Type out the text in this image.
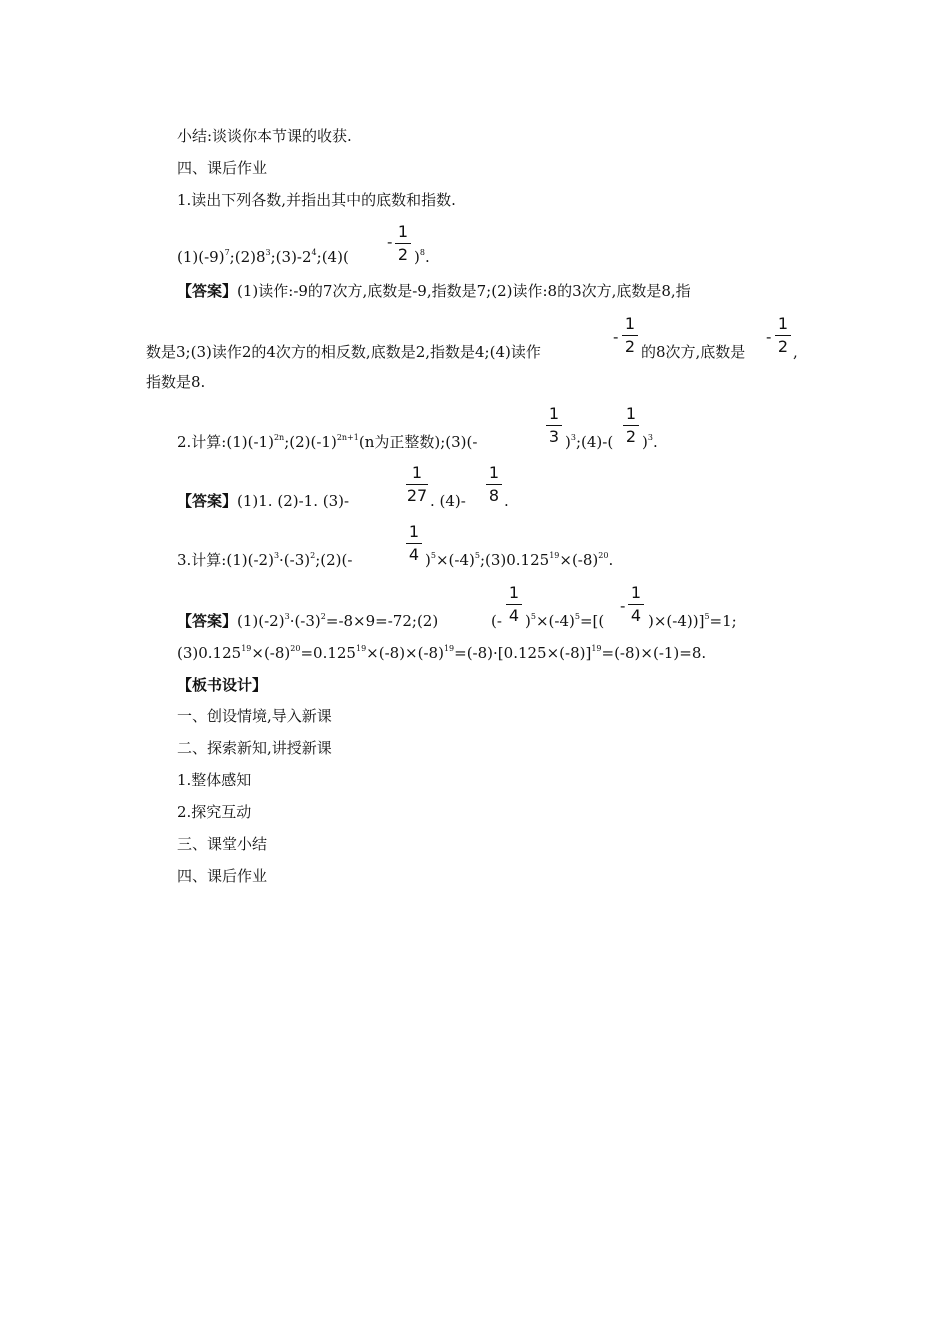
小结:谈谈你本节课的收获.
四、课后作业
1.读出下列各数,并指出其中的底数和指数.
$(1)(-9)^7;(2)8^3;(3)-2^4;(4)$(
-
1
2 )$^8$.
【答案】(1)读作:-9的7次方,底数是-9,指数是7;(2)读作:8的3次方,底数是8,指
数是3;(3)读作2的4次方的相反数,底数是2,指数是4;(4)读作
-
1
2 的8次方,底数是
-
1
2 ,
指数是8.
2.计算$:(1)(-1)^{2n};(2)(-1)^{2n+1}(n$为正整数);(3)(-
1
3 )$^3$;(4)-(
1
2 )$^3$.
【答案】(1)1. (2)-1. (3)-
1
27 . (4)-
1
8 .
3.计算$:(1)(-2)^3\cdot(-3)^2;(2)(-$
1
4 )$^5\times(-4)^5;(3)0.125^{19}\times(-8)^{20}$.
【答案】$(1)(-2)^3\cdot(-3)^2=-8\times 9=-72;(2)$	(-
1
4 )$^5\times(-4)^5=$[(
-
1
4 )×(-4))]$^5$=1;
$(3)0.125^{19}\times(-8)^{20}=0.125^{19}\times(-8)\times(-8)^{19}=(-8)\cdot[0.125\times(-8)]^{19}=(-8)\times(-1)=8$.
【板书设计】
一、创设情境,导入新课
二、探索新知,讲授新课
1.整体感知
2.探究互动
三、课堂小结
四、课后作业
